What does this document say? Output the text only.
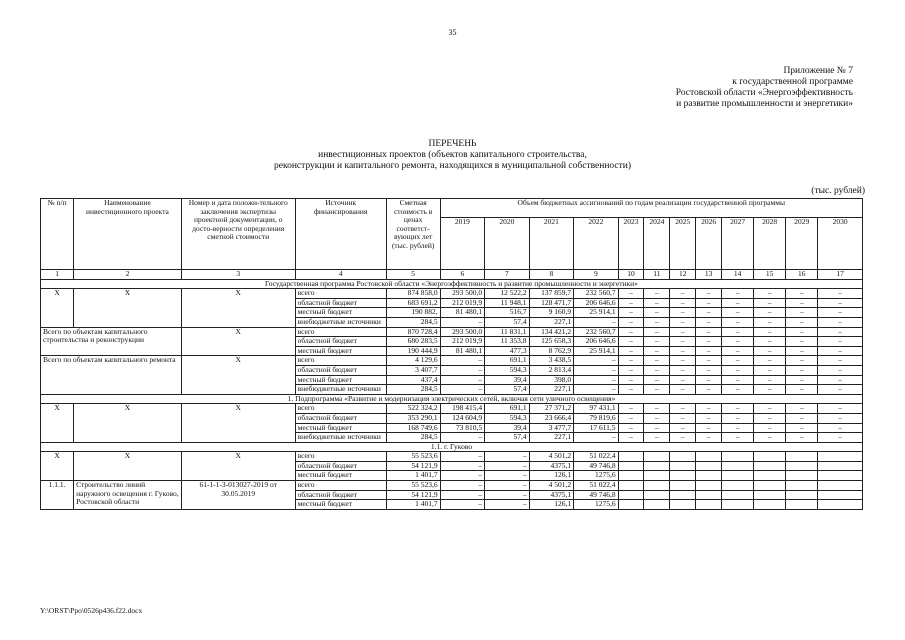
35
Приложение № 7
к государственной программе
Ростовской области «Энергоэффективность
и развитие промышленности и энергетики»
ПЕРЕЧЕНЬ
инвестиционных проектов (объектов капитального строительства,
реконструкции и капитального ремонта, находящихся в муниципальной собственности)
(тыс. рублей)
№ п/п	Наименование инвестиционного проекта	Номер и дата положи-тельного заключения экспертизы проектной документации, о досто-верности определения сметной стоимости	Источник финансирования	Сметная стоимость в ценах соответст-вующих лет (тыс. рублей)	Объем бюджетных ассигнований по годам реализации государственной программы											
					2019	2020	2021	2022	2023	2024	2025	2026	2027	2028	2029	2030
1	2	3	4	5	6	7	8	9	10	11	12	13	14	15	16	17
Государственная программа Ростовской области «Энергоэффективность и развитие промышленности и энергетики»																
Х	Х	Х	всего	874 858,0	293 500,0	12 522,2	137 859,7	232 560,7	–	–	–	–	–	–	–	–
			областной бюджет	683 691,2	212 019,9	11 948,1	128 471,7	206 646,6	–	–	–	–	–	–	–	–
			местный бюджет	190 882,	81 480,1	516,7	9 160,9	25 914,1	–	–	–	–	–	–	–	–
			внебюджетные источники	284,5	–	57,4	227,1	–	–	–	–	–	–	–	–	–
Всего по объектам капитального строительства и реконструкции		Х	всего	870 728,4	293 500,0	11 831,1	134 421,2	232 560,7	–	–	–	–	–	–	–	–
			областной бюджет	680 283,5	212 019,9	11 353,8	125 658,3	206 646,6	–	–	–	–	–	–	–	–
			местный бюджет	190 444,9	81 480,1	477,3	8 762,9	25 914,1	–	–	–	–	–	–	–	–
Всего по объектам капитального ремонта		Х	всего	4 129,6	–	691,1	3 438,5	–	–	–	–	–	–	–	–	–
			областной бюджет	3 407,7	–	594,3	2 813,4	–	–	–	–	–	–	–	–	–
			местный бюджет	437,4	–	39,4	398,0	–	–	–	–	–	–	–	–	–
			внебюджетные источники	284,5	–	57,4	227,1	–	–	–	–	–	–	–	–	–
1. Подпрограмма «Развитие и модернизация электрических сетей, включая сети уличного освещения»																
Х	Х	Х	всего	522 324,2	198 415,4	691,1	27 371,2	97 431,1	–	–	–	–	–	–	–	–
			областной бюджет	353 290,1	124 604,9	594,3	23 666,4	79 819,6	–	–	–	–	–	–	–	–
			местный бюджет	168 749,6	73 810,5	39,4	3 477,7	17 611,5	–	–	–	–	–	–	–	–
			внебюджетные источники	284,5	–	57,4	227,1	–	–	–	–	–	–	–	–	–
1.1. г. Гуково																
Х	Х	Х	всего	55 523,6	–	–	4 501,2	51 022,4								
			областной бюджет	54 121,9	–	–	4375,1	49 746,8								
			местный бюджет	1 401,7	–	–	126,1	1275,6								
1.1.1.	Строительство линий наружного освещения г. Гуково, Ростовской области	61-1-1-3-013027-2019 от 30.05.2019	всего	55 523,6	–	–	4 501,2	51 022,4								
			областной бюджет	54 121,9	–	–	4375,1	49 746,8								
			местный бюджет	1 401,7	–	–	126,1	1275,6								
Y:\ORST\Ppo\0526p436.f22.docx
